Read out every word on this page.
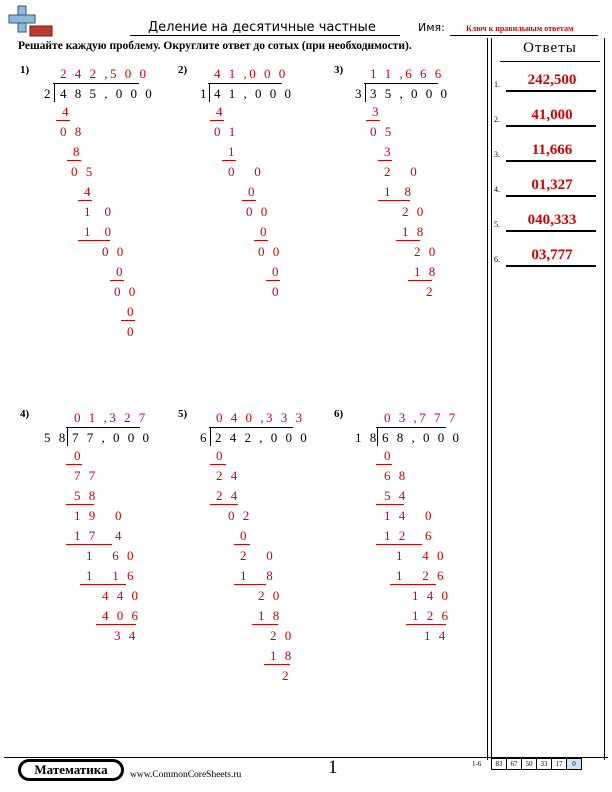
Деление на десятичные частные	Имя:	Ключ к правильным ответам
Решайте каждую проблему. Округлите ответ до сотых (при необходимости).	Ответы
1.	242,500
2.	41,000
3.	11,666
4.	01,327
5.	040,333
6.	03,777
1) 2 4 2 ,5 0 0
2 4 8 5 , 0 0 0
4
0 8
8
0 5
4
1  0
1  0
0 0
0
0 0
0
0
2) 4 1 ,0 0 0
1 4 1 , 0 0 0
4
0 1
1
0   0
0
0 0
0
0 0
0
0
3) 1 1 ,6 6 6
3 3 5 , 0 0 0
3
0 5
3
2   0
1  8
2 0
1 8
2 0
1 8
2
4)	0 1 ,3 2 7
5 8 7 7 , 0 0 0
0
7 7
5 8
1 9   0
1 7   4
1   6 0
1   1 6
4 4 0
4 0 6
3 4
5) 0 4 0 ,3 3 3
6 2 4 2 , 0 0 0
0
2 4
2 4
0 2
0
2   0
1   8
2 0
1 8
2 0
1 8
2
6)	0 3 ,7 7 7
1 8 6 8 , 0 0 0
0
6 8
5 4
1 4   0
1 2   6
1   4 0
1   2 6
1 4 0
1 2 6
1 4
Математика	www.CommonCoreSheets.ru	1	1-6 83	67	50	33	17	0
